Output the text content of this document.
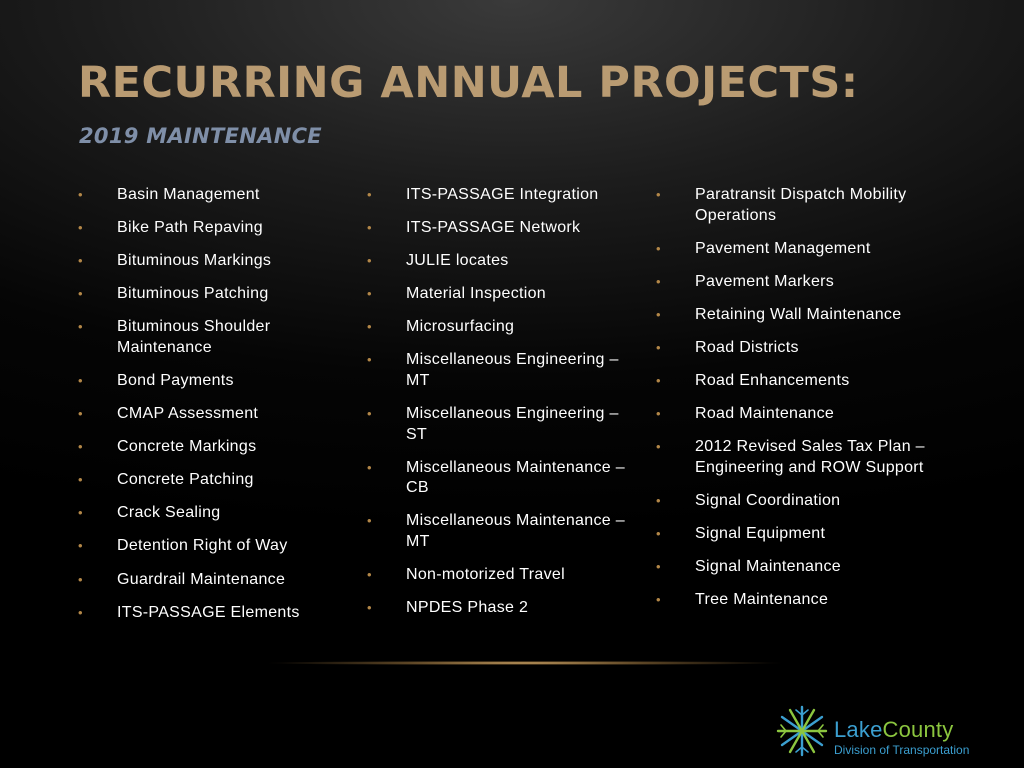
RECURRING ANNUAL PROJECTS:
2019 MAINTENANCE
• Basin Management
• Bike Path Repaving
• Bituminous Markings
• Bituminous Patching
• Bituminous Shoulder Maintenance
• Bond Payments
• CMAP Assessment
• Concrete Markings
• Concrete Patching
• Crack Sealing
• Detention Right of Way
• Guardrail Maintenance
• ITS-PASSAGE Elements
• ITS-PASSAGE Integration
• ITS-PASSAGE Network
• JULIE locates
• Material Inspection
• Microsurfacing
• Miscellaneous Engineering – MT
• Miscellaneous Engineering – ST
• Miscellaneous Maintenance – CB
• Miscellaneous Maintenance – MT
• Non-motorized Travel
• NPDES Phase 2
• Paratransit Dispatch Mobility Operations
• Pavement Management
• Pavement Markers
• Retaining Wall Maintenance
• Road Districts
• Road Enhancements
• Road Maintenance
• 2012 Revised Sales Tax Plan – Engineering and ROW Support
• Signal Coordination
• Signal Equipment
• Signal Maintenance
• Tree Maintenance
LakeCounty
Division of Transportation
